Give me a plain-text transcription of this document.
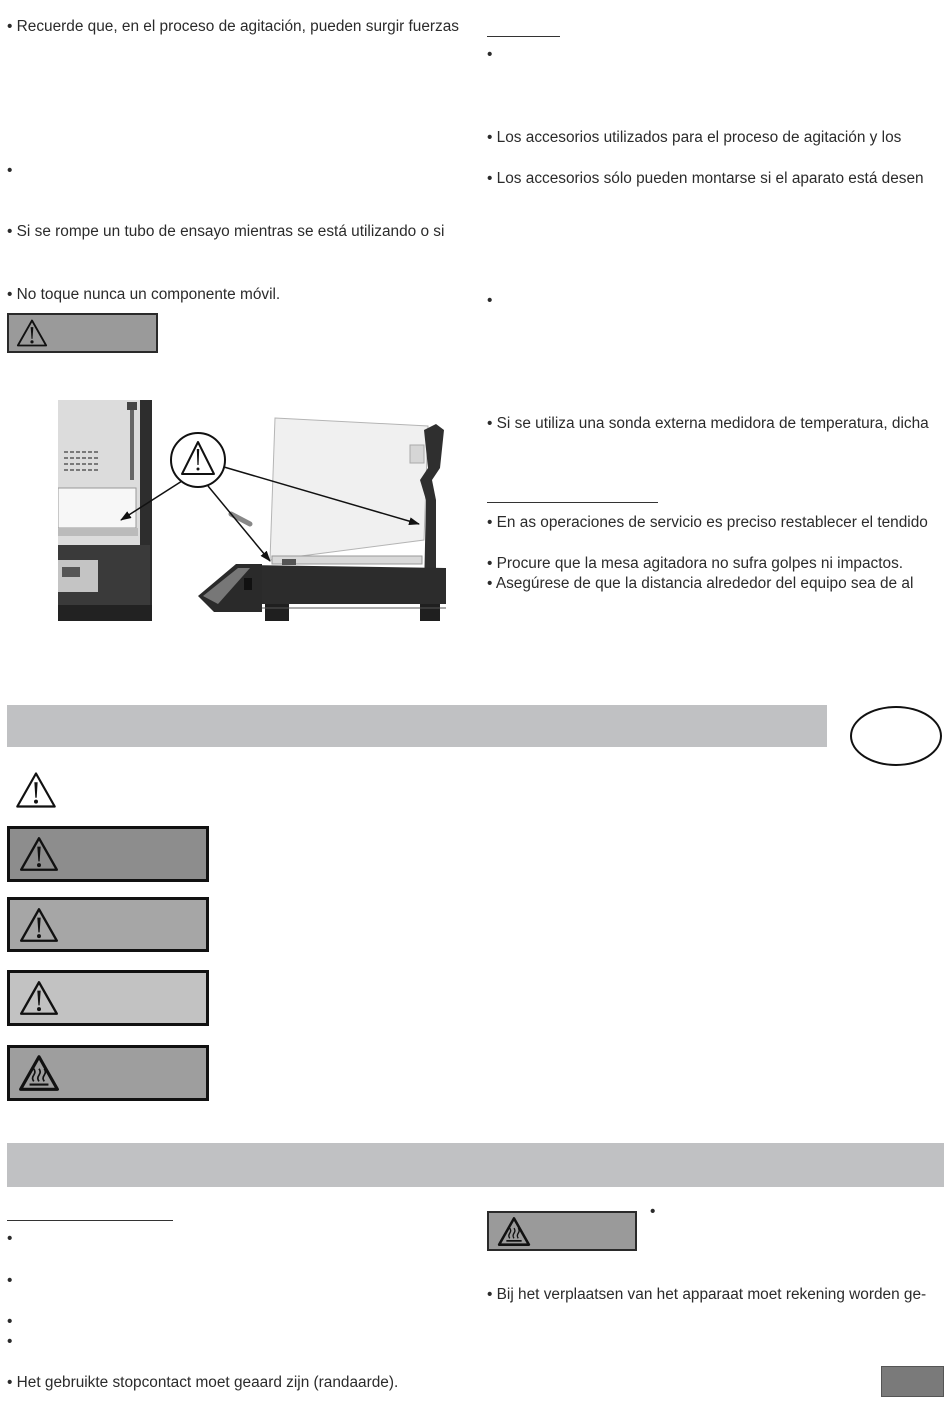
• Recuerde que, en el proceso de agitación, pueden surgir fuerzas
•
• Si se rompe un tubo de ensayo mientras se está utilizando o si
• No toque nunca un componente móvil.
•
• Los accesorios utilizados para el proceso de agitación y los
• Los accesorios sólo pueden montarse si el aparato está desen
•
• Si se utiliza una sonda externa medidora de temperatura, dicha
• En as operaciones de servicio es preciso restablecer el tendido
• Procure que la mesa agitadora no sufra golpes ni impactos.
• Asegúrese de que la distancia alrededor del equipo sea de al
•
•
•
•
• Het gebruikte stopcontact moet geaard zijn (randaarde).
•
• Bij het verplaatsen van het apparaat moet rekening worden ge-
